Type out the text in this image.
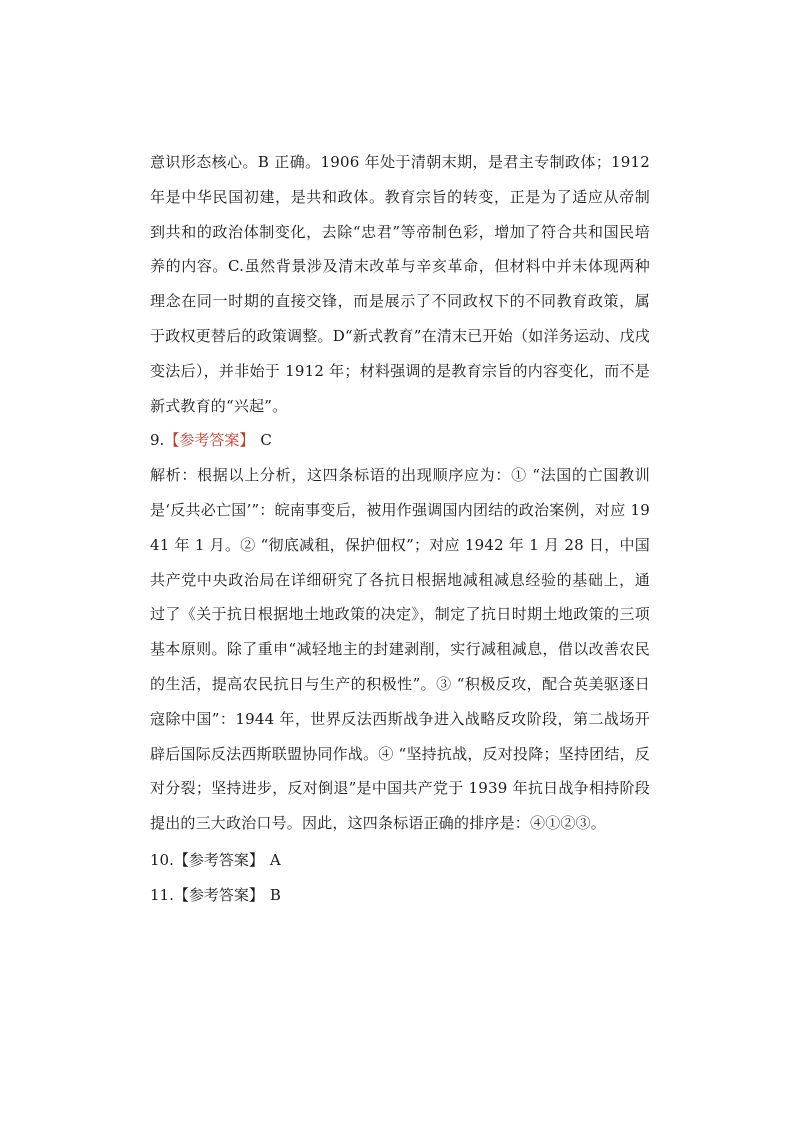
意识形态核心。B 正确。1906 年处于清朝末期，是君主专制政体；1912 年是中华民国初建，是共和政体。教育宗旨的转变，正是为了适应从帝制到共和的政治体制变化，去除“忠君”等帝制色彩，增加了符合共和国民培养的内容。C.虽然背景涉及清末改革与辛亥革命，但材料中并未体现两种理念在同一时期的直接交锋，而是展示了不同政权下的不同教育政策，属于政权更替后的政策调整。D“新式教育”在清末已开始（如洋务运动、戊戌变法后），并非始于 1912 年；材料强调的是教育宗旨的内容变化，而不是新式教育的“兴起”。

9.【参考答案】 C

解析：根据以上分析，这四条标语的出现顺序应为：① “法国的亡国教训是‘反共必亡国’”：皖南事变后，被用作强调国内团结的政治案例，对应 1941 年 1 月。② “彻底减租，保护佃权”；对应 1942 年 1 月 28 日，中国共产党中央政治局在详细研究了各抗日根据地减租减息经验的基础上，通过了《关于抗日根据地土地政策的决定》，制定了抗日时期土地政策的三项基本原则。除了重申“减轻地主的封建剥削，实行减租减息，借以改善农民的生活，提高农民抗日与生产的积极性”。③ “积极反攻，配合英美驱逐日寇除中国”：1944 年，世界反法西斯战争进入战略反攻阶段，第二战场开辟后国际反法西斯联盟协同作战。④ “坚持抗战，反对投降；坚持团结，反对分裂；坚持进步，反对倒退”是中国共产党于 1939 年抗日战争相持阶段提出的三大政治口号。因此，这四条标语正确的排序是：④①②③。

10.【参考答案】 A

11.【参考答案】 B
